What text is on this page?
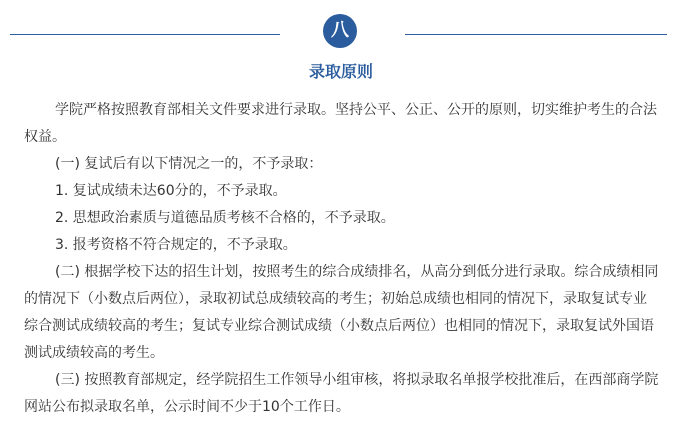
八
录取原则

学院严格按照教育部相关文件要求进行录取。坚持公平、公正、公开的原则，切实维护考生的合法权益。

(一) 复试后有以下情况之一的，不予录取：

1. 复试成绩未达60分的，不予录取。

2. 思想政治素质与道德品质考核不合格的，不予录取。

3. 报考资格不符合规定的，不予录取。

(二) 根据学校下达的招生计划，按照考生的综合成绩排名，从高分到低分进行录取。综合成绩相同的情况下（小数点后两位），录取初试总成绩较高的考生；初始总成绩也相同的情况下，录取复试专业综合测试成绩较高的考生；复试专业综合测试成绩（小数点后两位）也相同的情况下，录取复试外国语测试成绩较高的考生。

(三) 按照教育部规定，经学院招生工作领导小组审核，将拟录取名单报学校批准后，在西部商学院网站公布拟录取名单，公示时间不少于10个工作日。
